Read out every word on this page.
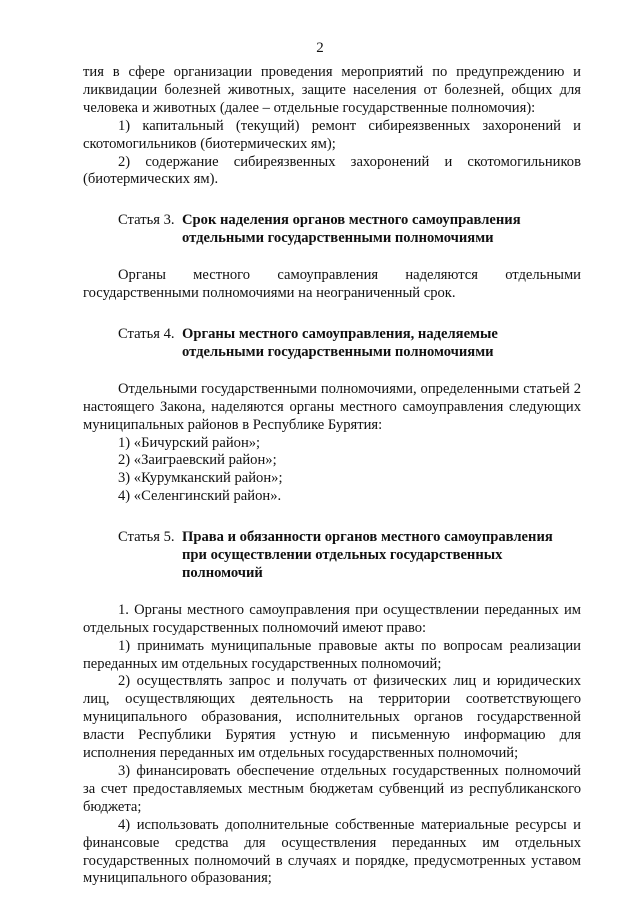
2

тия в сфере организации проведения мероприятий по предупреждению и ликвидации болезней животных, защите населения от болезней, общих для человека и животных (далее – отдельные государственные полномочия):

1) капитальный (текущий) ремонт сибиреязвенных захоронений и скотомогильников (биотермических ям);

2) содержание сибиреязвенных захоронений и скотомогильников (биотермических ям).

Статья 3. Срок наделения органов местного самоуправления отдельными государственными полномочиями

Органы местного самоуправления наделяются отдельными государственными полномочиями на неограниченный срок.

Статья 4. Органы местного самоуправления, наделяемые отдельными государственными полномочиями

Отдельными государственными полномочиями, определенными статьей 2 настоящего Закона, наделяются органы местного самоуправления следующих муниципальных районов в Республике Бурятия:

1) «Бичурский район»;

2) «Заиграевский район»;

3) «Курумканский район»;

4) «Селенгинский район».

Статья 5. Права и обязанности органов местного самоуправления при осуществлении отдельных государственных полномочий

1. Органы местного самоуправления при осуществлении переданных им отдельных государственных полномочий имеют право:

1) принимать муниципальные правовые акты по вопросам реализации переданных им отдельных государственных полномочий;

2) осуществлять запрос и получать от физических лиц и юридических лиц, осуществляющих деятельность на территории соответствующего муниципального образования, исполнительных органов государственной власти Республики Бурятия устную и письменную информацию для исполнения переданных им отдельных государственных полномочий;

3) финансировать обеспечение отдельных государственных полномочий за счет предоставляемых местным бюджетам субвенций из республиканского бюджета;

4) использовать дополнительные собственные материальные ресурсы и финансовые средства для осуществления переданных им отдельных государственных полномочий в случаях и порядке, предусмотренных уставом муниципального образования;
